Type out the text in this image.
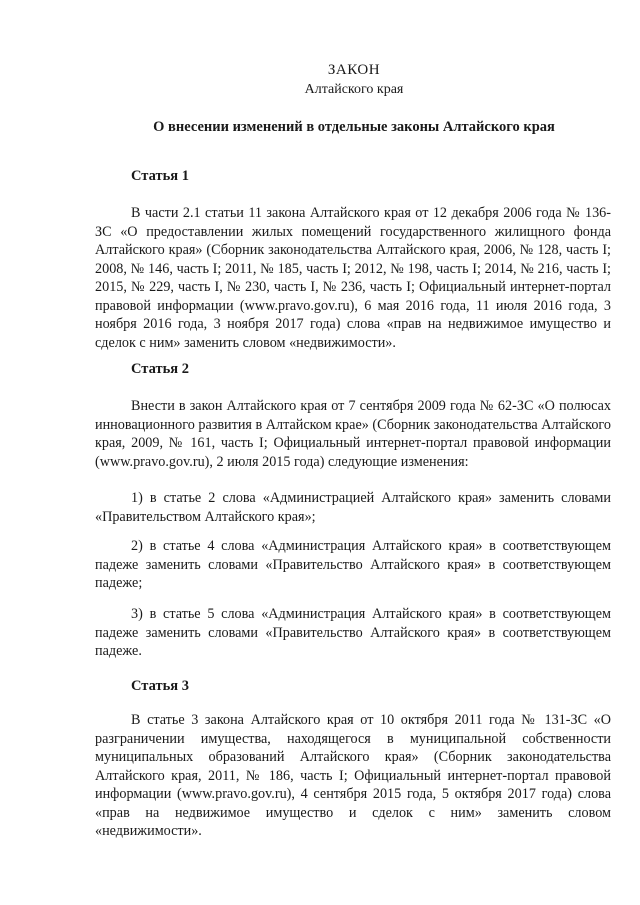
ЗАКОН
Алтайского края
О внесении изменений в отдельные законы Алтайского края
Статья 1

В части 2.1 статьи 11 закона Алтайского края от 12 декабря 2006 года № 136-ЗС «О предоставлении жилых помещений государственного жилищного фонда Алтайского края» (Сборник законодательства Алтайского края, 2006, № 128, часть I; 2008, № 146, часть I; 2011, № 185, часть I; 2012, № 198, часть I; 2014, № 216, часть I; 2015, № 229, часть I, № 230, часть I, № 236, часть I; Официальный интернет-портал правовой информации (www.pravo.gov.ru), 6 мая 2016 года, 11 июля 2016 года, 3 ноября 2016 года, 3 ноября 2017 года) слова «прав на недвижимое имущество и сделок с ним» заменить словом «недвижимости».

Статья 2

Внести в закон Алтайского края от 7 сентября 2009 года № 62-ЗС «О полюсах инновационного развития в Алтайском крае» (Сборник законодательства Алтайского края, 2009, № 161, часть I; Официальный интернет-портал правовой информации (www.pravo.gov.ru), 2 июля 2015 года) следующие изменения:

1) в статье 2 слова «Администрацией Алтайского края» заменить словами «Правительством Алтайского края»;

2) в статье 4 слова «Администрация Алтайского края» в соответствующем падеже заменить словами «Правительство Алтайского края» в соответствующем падеже;

3) в статье 5 слова «Администрация Алтайского края» в соответствующем падеже заменить словами «Правительство Алтайского края» в соответствующем падеже.

Статья 3

В статье 3 закона Алтайского края от 10 октября 2011 года № 131-ЗС «О разграничении имущества, находящегося в муниципальной собственности муниципальных образований Алтайского края» (Сборник законодательства Алтайского края, 2011, № 186, часть I; Официальный интернет-портал правовой информации (www.pravo.gov.ru), 4 сентября 2015 года, 5 октября 2017 года) слова «прав на недвижимое имущество и сделок с ним» заменить словом «недвижимости».
